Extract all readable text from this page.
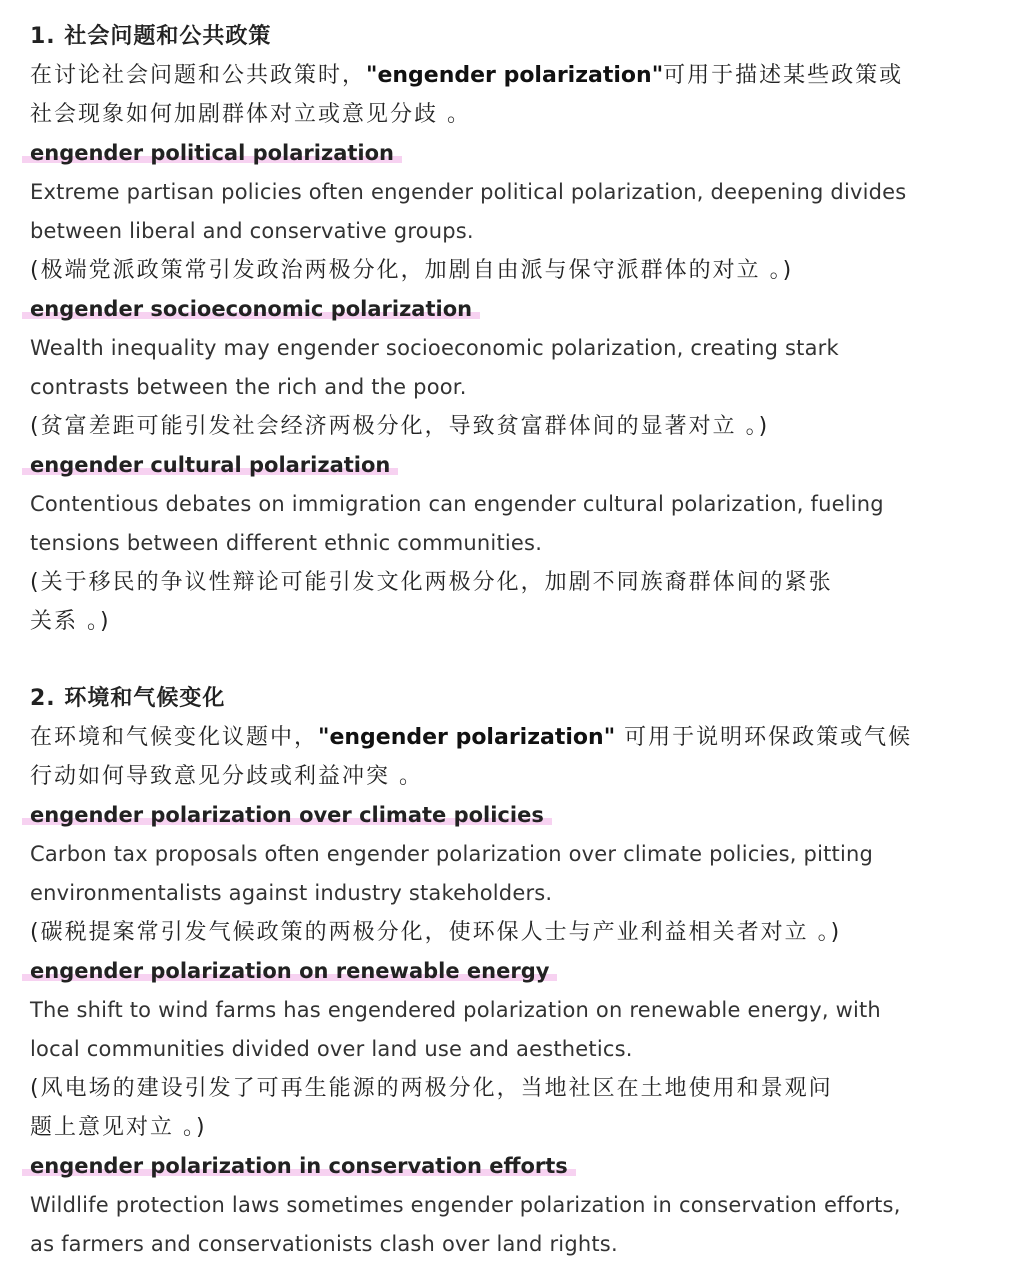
1. 社会问题和公共政策
在讨论社会问题和公共政策时，"engender polarization"可用于描述某些政策或
社会现象如何加剧群体对立或意见分歧 。
engender political polarization
Extreme partisan policies often engender political polarization, deepening divides
between liberal and conservative groups.
(极端党派政策常引发政治两极分化，加剧自由派与保守派群体的对立 。)
engender socioeconomic polarization
Wealth inequality may engender socioeconomic polarization, creating stark
contrasts between the rich and the poor.
(贫富差距可能引发社会经济两极分化，导致贫富群体间的显著对立 。)
engender cultural polarization
Contentious debates on immigration can engender cultural polarization, fueling
tensions between different ethnic communities.
(关于移民的争议性辩论可能引发文化两极分化，加剧不同族裔群体间的紧张
关系 。)
2. 环境和气候变化
在环境和气候变化议题中，"engender polarization" 可用于说明环保政策或气候
行动如何导致意见分歧或利益冲突 。
engender polarization over climate policies
Carbon tax proposals often engender polarization over climate policies, pitting
environmentalists against industry stakeholders.
(碳税提案常引发气候政策的两极分化，使环保人士与产业利益相关者对立 。)
engender polarization on renewable energy
The shift to wind farms has engendered polarization on renewable energy, with
local communities divided over land use and aesthetics.
(风电场的建设引发了可再生能源的两极分化，当地社区在土地使用和景观问
题上意见对立 。)
engender polarization in conservation efforts
Wildlife protection laws sometimes engender polarization in conservation efforts,
as farmers and conservationists clash over land rights.
